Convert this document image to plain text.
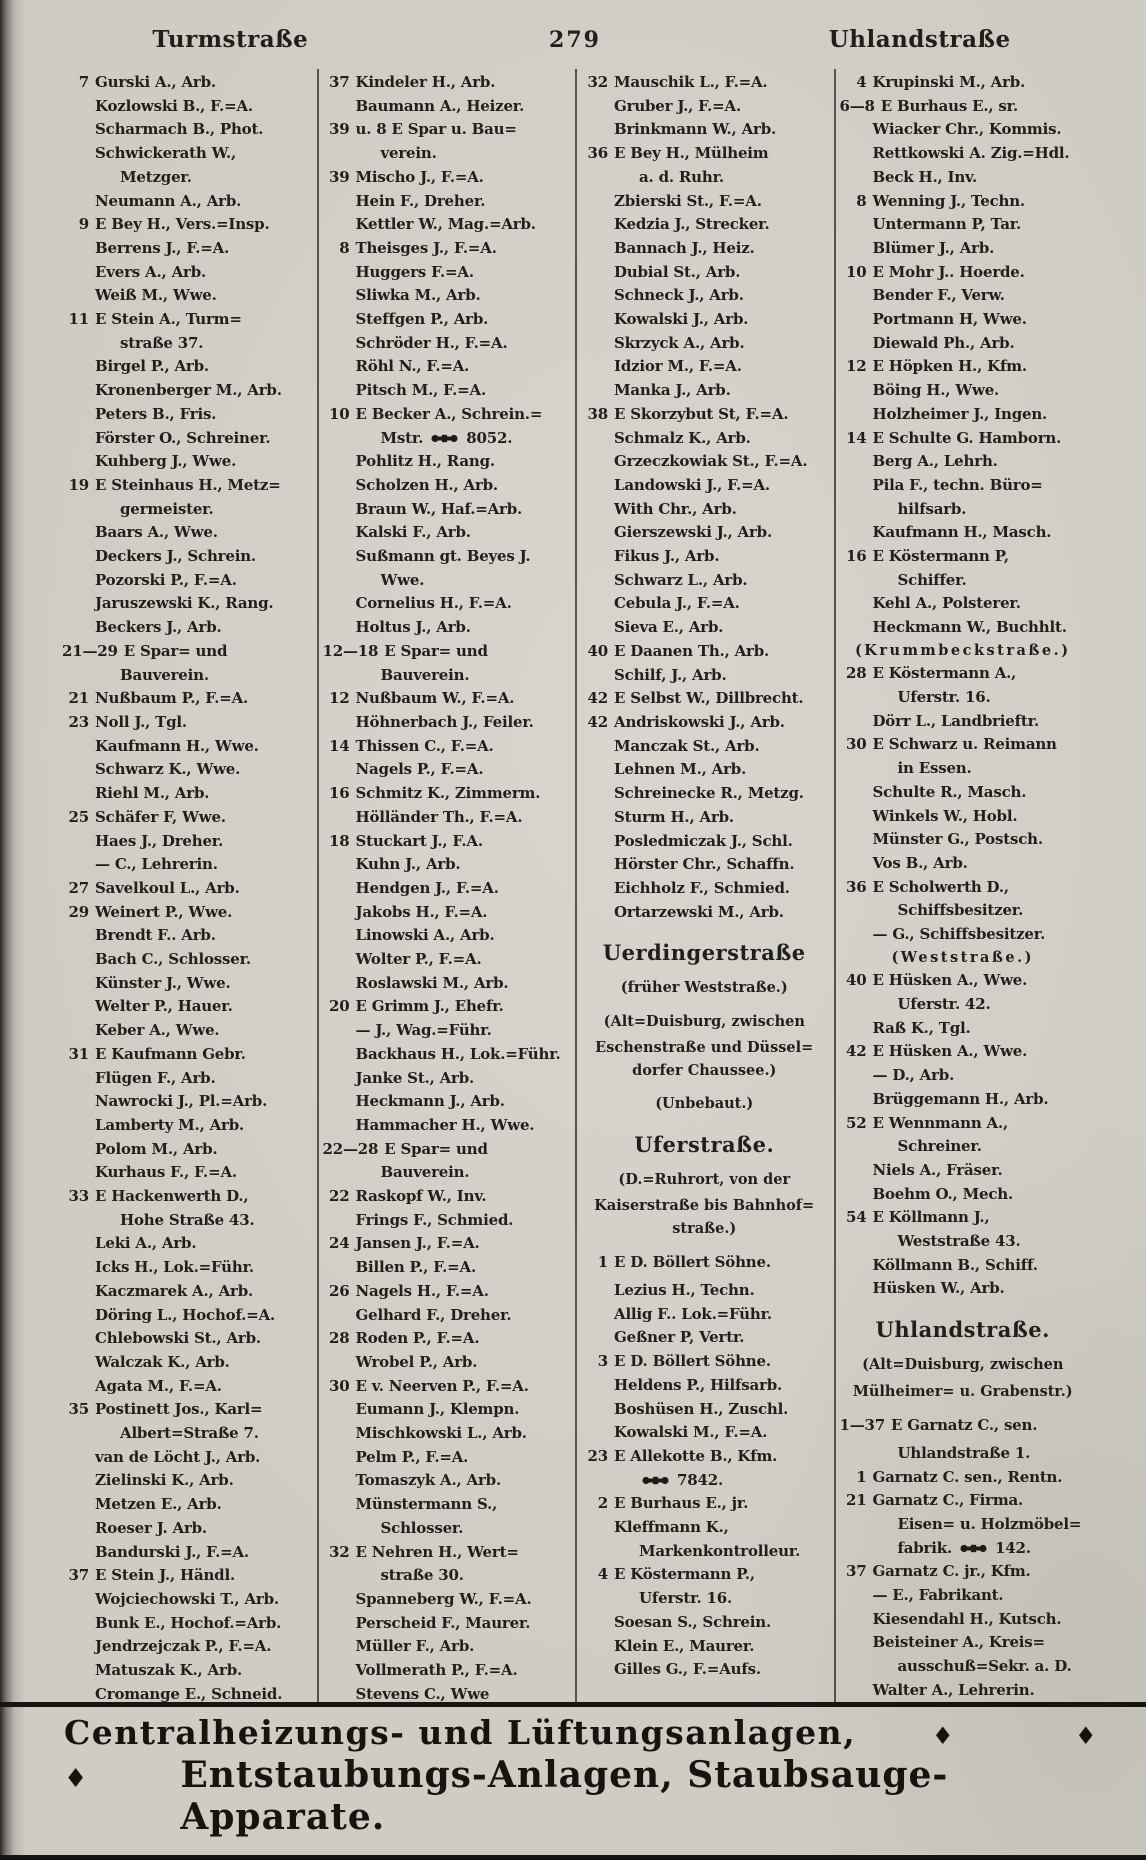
Turmstraße	279	Uhlandstraße
7 Gurski A., Arb.
Kozlowski B., F.=A.
Scharmach B., Phot.
Schwickerath W.,
Metzger.
Neumann A., Arb.
9 E Bey H., Vers.=Insp.
Berrens J., F.=A.
Evers A., Arb.
Weiß M., Wwe.
11 E Stein A., Turm=
straße 37.
Birgel P., Arb.
Kronenberger M., Arb.
Peters B., Fris.
Förster O., Schreiner.
Kuhberg J., Wwe.
19 E Steinhaus H., Metz=
germeister.
Baars A., Wwe.
Deckers J., Schrein.
Pozorski P., F.=A.
Jaruszewski K., Rang.
Beckers J., Arb.
21—29 E Spar= und
Bauverein.
21 Nußbaum P., F.=A.
23 Noll J., Tgl.
Kaufmann H., Wwe.
Schwarz K., Wwe.
Riehl M., Arb.
25 Schäfer F, Wwe.
Haes J., Dreher.
— C., Lehrerin.
27 Savelkoul L., Arb.
29 Weinert P., Wwe.
Brendt F.. Arb.
Bach C., Schlosser.
Künster J., Wwe.
Welter P., Hauer.
Keber A., Wwe.
31 E Kaufmann Gebr.
Flügen F., Arb.
Nawrocki J., Pl.=Arb.
Lamberty M., Arb.
Polom M., Arb.
Kurhaus F., F.=A.
33 E Hackenwerth D.,
Hohe Straße 43.
Leki A., Arb.
Icks H., Lok.=Führ.
Kaczmarek A., Arb.
Döring L., Hochof.=A.
Chlebowski St., Arb.
Walczak K., Arb.
Agata M., F.=A.
35 Postinett Jos., Karl=
Albert=Straße 7.
van de Löcht J., Arb.
Zielinski K., Arb.
Metzen E., Arb.
Roeser J. Arb.
Bandurski J., F.=A.
37 E Stein J., Händl.
Wojciechowski T., Arb.
Bunk E., Hochof.=Arb.
Jendrzejczak P., F.=A.
Matuszak K., Arb.
Cromange E., Schneid.
37 Kindeler H., Arb.
Baumann A., Heizer.
39 u. 8 E Spar u. Bau=
verein.
39 Mischo J., F.=A.
Hein F., Dreher.
Kettler W., Mag.=Arb.
8 Theisges J., F.=A.
Huggers F.=A.
Sliwka M., Arb.
Steffgen P., Arb.
Schröder H., F.=A.
Röhl N., F.=A.
Pitsch M., F.=A.
10 E Becker A., Schrein.=
Mstr.
8052.
Pohlitz H., Rang.
Scholzen H., Arb.
Braun W., Haf.=Arb.
Kalski F., Arb.
Sußmann gt. Beyes J.
Wwe.
Cornelius H., F.=A.
Holtus J., Arb.
12—18 E Spar= und
Bauverein.
12 Nußbaum W., F.=A.
Höhnerbach J., Feiler.
14 Thissen C., F.=A.
Nagels P., F.=A.
16 Schmitz K., Zimmerm.
Hölländer Th., F.=A.
18 Stuckart J., F.A.
Kuhn J., Arb.
Hendgen J., F.=A.
Jakobs H., F.=A.
Linowski A., Arb.
Wolter P., F.=A.
Roslawski M., Arb.
20 E Grimm J., Ehefr.
— J., Wag.=Führ.
Backhaus H., Lok.=Führ.
Janke St., Arb.
Heckmann J., Arb.
Hammacher H., Wwe.
22—28 E Spar= und
Bauverein.
22 Raskopf W., Inv.
Frings F., Schmied.
24 Jansen J., F.=A.
Billen P., F.=A.
26 Nagels H., F.=A.
Gelhard F., Dreher.
28 Roden P., F.=A.
Wrobel P., Arb.
30 E v. Neerven P., F.=A.
Eumann J., Klempn.
Mischkowski L., Arb.
Pelm P., F.=A.
Tomaszyk A., Arb.
Münstermann S.,
Schlosser.
32 E Nehren H., Wert=
straße 30.
Spanneberg W., F.=A.
Perscheid F., Maurer.
Müller F., Arb.
Vollmerath P., F.=A.
Stevens C., Wwe
32 Mauschik L., F.=A.
Gruber J., F.=A.
Brinkmann W., Arb.
36 E Bey H., Mülheim
a. d. Ruhr.
Zbierski St., F.=A.
Kedzia J., Strecker.
Bannach J., Heiz.
Dubial St., Arb.
Schneck J., Arb.
Kowalski J., Arb.
Skrzyck A., Arb.
Idzior M., F.=A.
Manka J., Arb.
38 E Skorzybut St, F.=A.
Schmalz K., Arb.
Grzeczkowiak St., F.=A.
Landowski J., F.=A.
With Chr., Arb.
Gierszewski J., Arb.
Fikus J., Arb.
Schwarz L., Arb.
Cebula J., F.=A.
Sieva E., Arb.
40 E Daanen Th., Arb.
Schilf, J., Arb.
42 E Selbst W., Dillbrecht.
42 Andriskowski J., Arb.
Manczak St., Arb.
Lehnen M., Arb.
Schreinecke R., Metzg.
Sturm H., Arb.
Posledmiczak J., Schl.
Hörster Chr., Schaffn.
Eichholz F., Schmied.
Ortarzewski M., Arb.
Uerdingerstraße
(früher Weststraße.)
(Alt=Duisburg, zwischen
Eschenstraße und Düssel=
dorfer Chaussee.)
(Unbebaut.)
Uferstraße.
(D.=Ruhrort, von der
Kaiserstraße bis Bahnhof=
straße.)
1 E D. Böllert Söhne.
Lezius H., Techn.
Allig F.. Lok.=Führ.
Geßner P, Vertr.
3 E D. Böllert Söhne.
Heldens P., Hilfsarb.
Boshüsen H., Zuschl.
Kowalski M., F.=A.
23 E Allekotte B., Kfm.
7842.
2 E Burhaus E., jr.
Kleffmann K.,
Markenkontrolleur.
4 E Köstermann P.,
Uferstr. 16.
Soesan S., Schrein.
Klein E., Maurer.
Gilles G., F.=Aufs.
4 Krupinski M., Arb.
6—8 E Burhaus E., sr.
Wiacker Chr., Kommis.
Rettkowski A. Zig.=Hdl.
Beck H., Inv.
8 Wenning J., Techn.
Untermann P, Tar.
Blümer J., Arb.
10 E Mohr J.. Hoerde.
Bender F., Verw.
Portmann H, Wwe.
Diewald Ph., Arb.
12 E Höpken H., Kfm.
Böing H., Wwe.
Holzheimer J., Ingen.
14 E Schulte G. Hamborn.
Berg A., Lehrh.
Pila F., techn. Büro=
hilfsarb.
Kaufmann H., Masch.
16 E Köstermann P,
Schiffer.
Kehl A., Polsterer.
Heckmann W., Buchhlt.
(Krummbeckstraße.)
28 E Köstermann A.,
Uferstr. 16.
Dörr L., Landbrieftr.
30 E Schwarz u. Reimann
in Essen.
Schulte R., Masch.
Winkels W., Hobl.
Münster G., Postsch.
Vos B., Arb.
36 E Scholwerth D.,
Schiffsbesitzer.
— G., Schiffsbesitzer.
(Weststraße.)
40 E Hüsken A., Wwe.
Uferstr. 42.
Raß K., Tgl.
42 E Hüsken A., Wwe.
— D., Arb.
Brüggemann H., Arb.
52 E Wennmann A.,
Schreiner.
Niels A., Fräser.
Boehm O., Mech.
54 E Köllmann J.,
Weststraße 43.
Köllmann B., Schiff.
Hüsken W., Arb.
Uhlandstraße.
(Alt=Duisburg, zwischen
Mülheimer= u. Grabenstr.)
1—37 E Garnatz C., sen.
Uhlandstraße 1.
1 Garnatz C. sen., Rentn.
21 Garnatz C., Firma.
Eisen= u. Holzmöbel=
fabrik.
142.
37 Garnatz C. jr., Kfm.
— E., Fabrikant.
Kiesendahl H., Kutsch.
Beisteiner A., Kreis=
ausschuß=Sekr. a. D.
Walter A., Lehrerin.
Centralheizungs- und Lüftungsanlagen,	♦	♦
♦	Entstaubungs-Anlagen, Staubsauge-Apparate.
